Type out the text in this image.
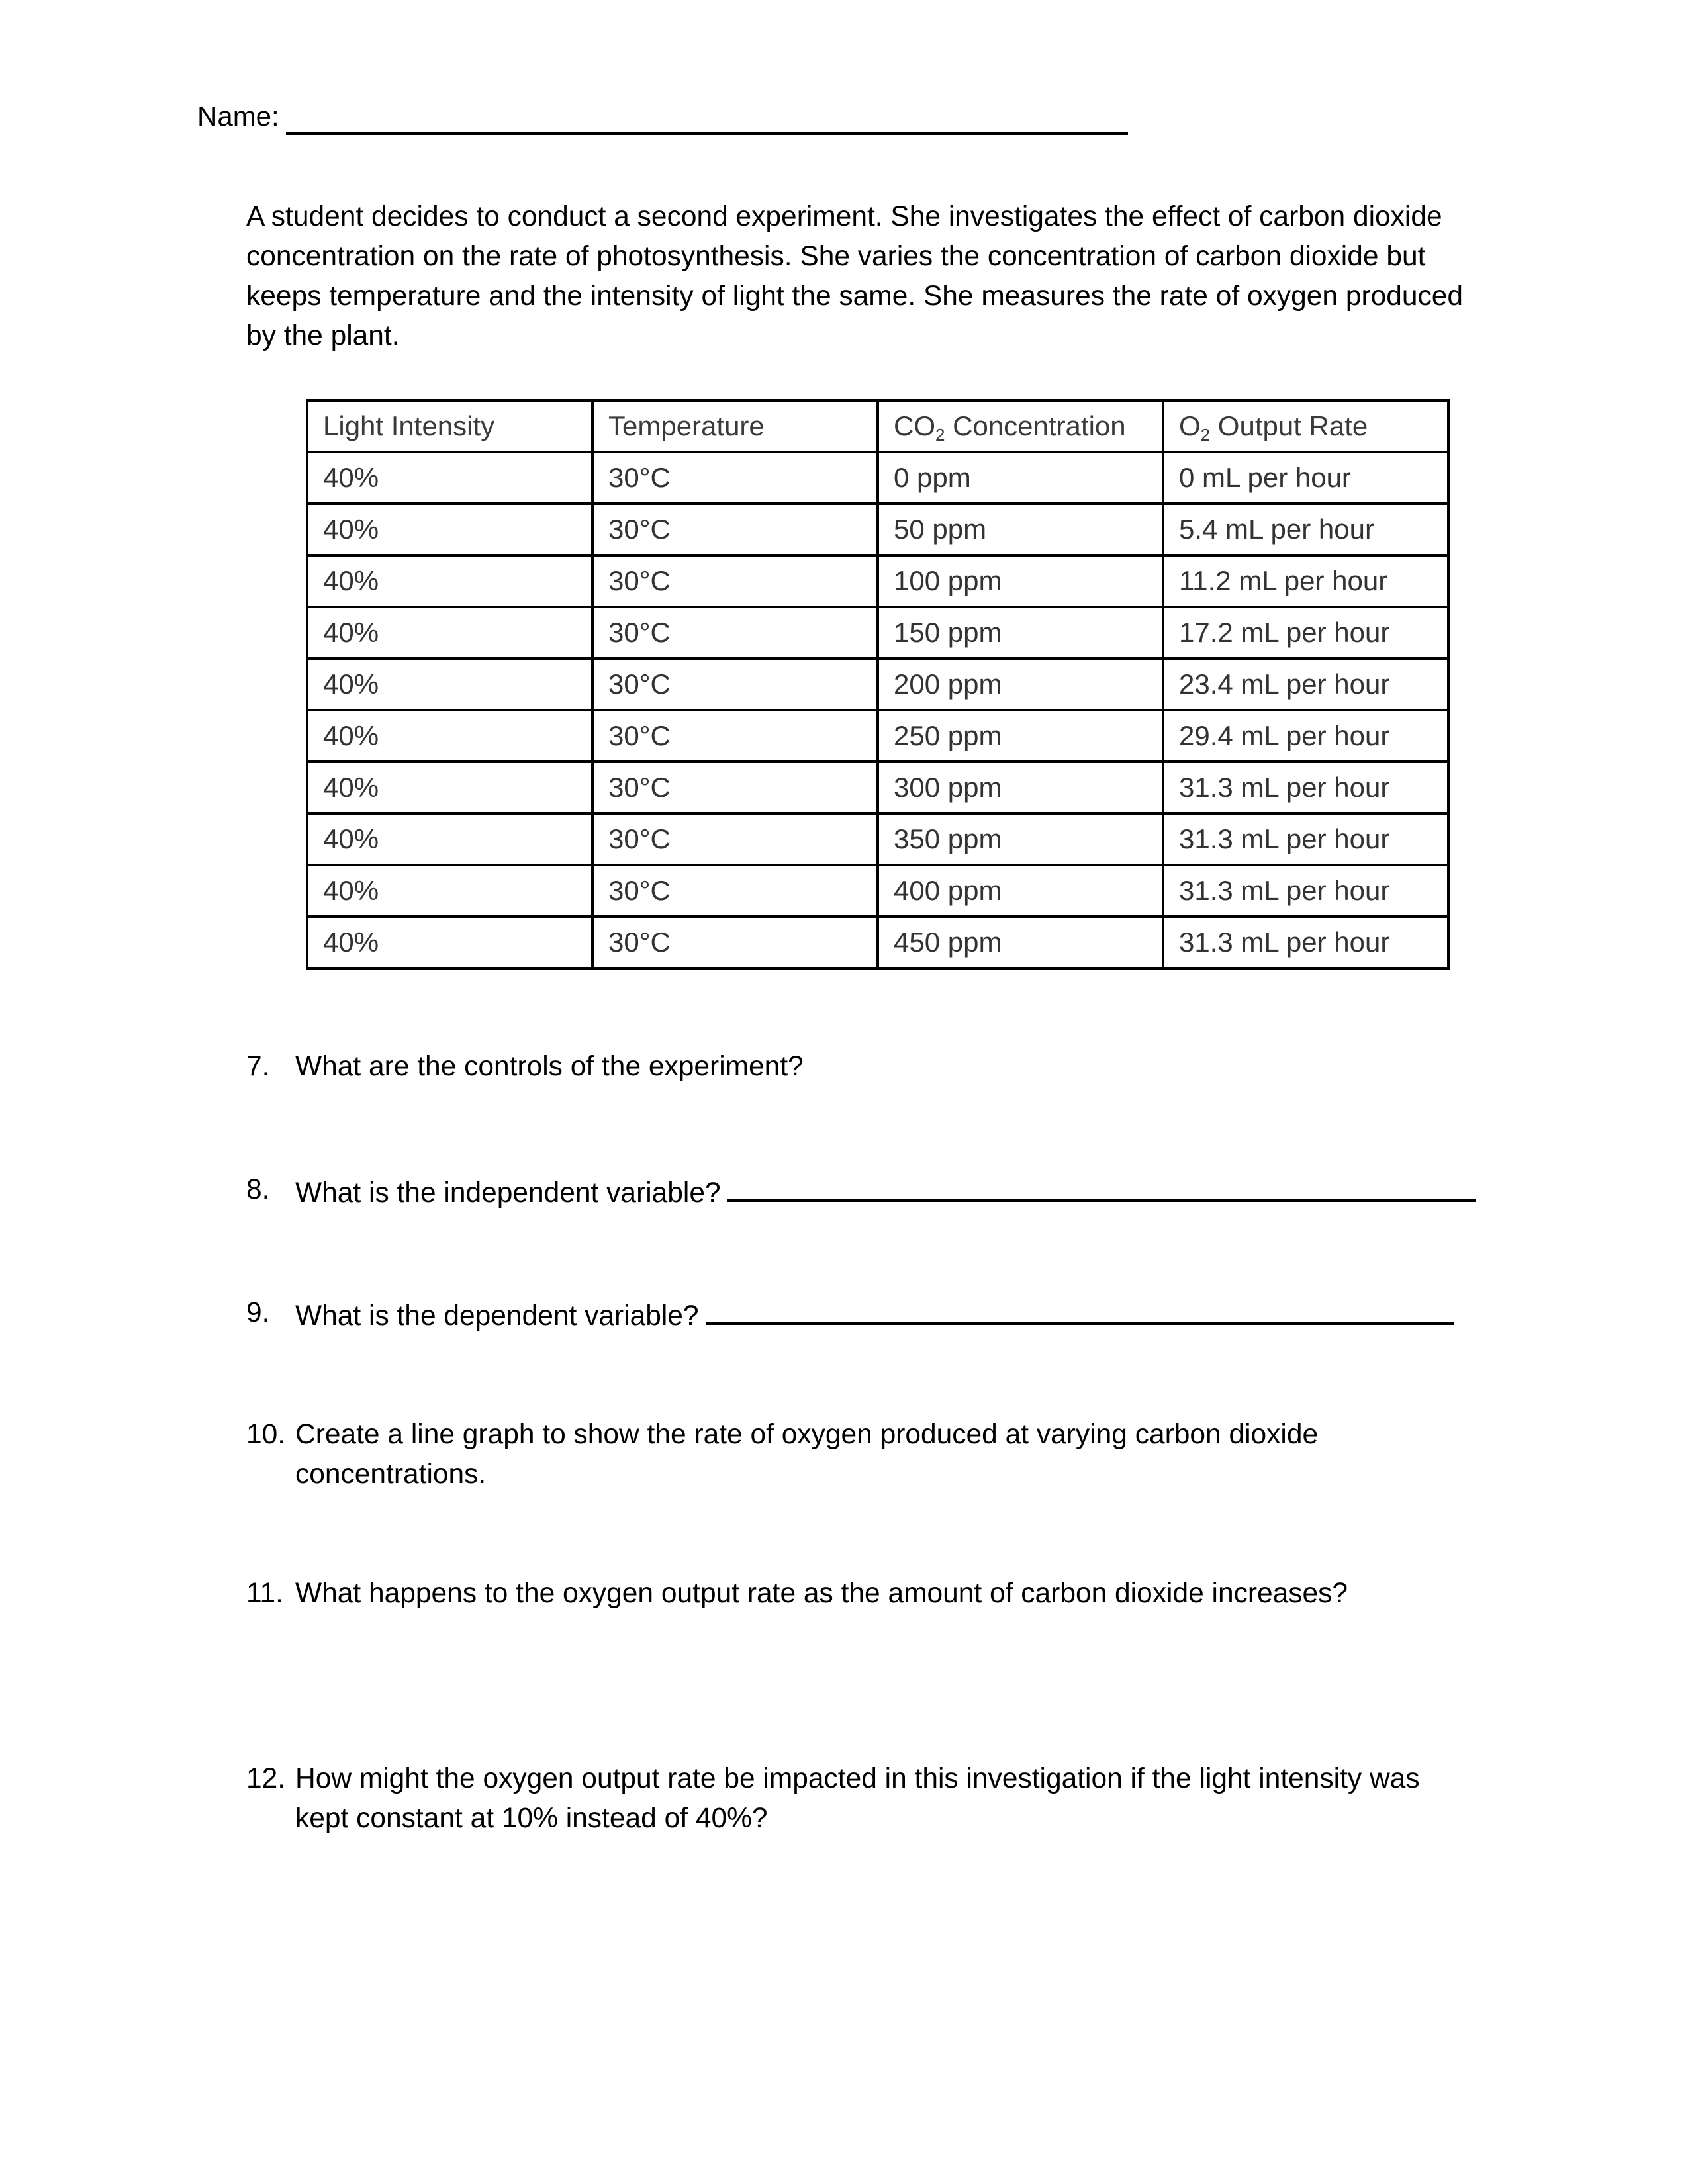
Name:

A student decides to conduct a second experiment. She investigates the effect of carbon dioxide concentration on the rate of photosynthesis. She varies the concentration of carbon dioxide but keeps temperature and the intensity of light the same. She measures the rate of oxygen produced by the plant.

Light Intensity	Temperature	$CO_2$ Concentration	$O_2$ Output Rate
40%	30°C	0 ppm	0 mL per hour
40%	30°C	50 ppm	5.4 mL per hour
40%	30°C	100 ppm	11.2 mL per hour
40%	30°C	150 ppm	17.2 mL per hour
40%	30°C	200 ppm	23.4 mL per hour
40%	30°C	250 ppm	29.4 mL per hour
40%	30°C	300 ppm	31.3 mL per hour
40%	30°C	350 ppm	31.3 mL per hour
40%	30°C	400 ppm	31.3 mL per hour
40%	30°C	450 ppm	31.3 mL per hour
7. What are the controls of the experiment?
8. What is the independent variable?
9. What is the dependent variable?
10. Create a line graph to show the rate of oxygen produced at varying carbon dioxide concentrations.
11. What happens to the oxygen output rate as the amount of carbon dioxide increases?
12. How might the oxygen output rate be impacted in this investigation if the light intensity was kept constant at 10% instead of 40%?
